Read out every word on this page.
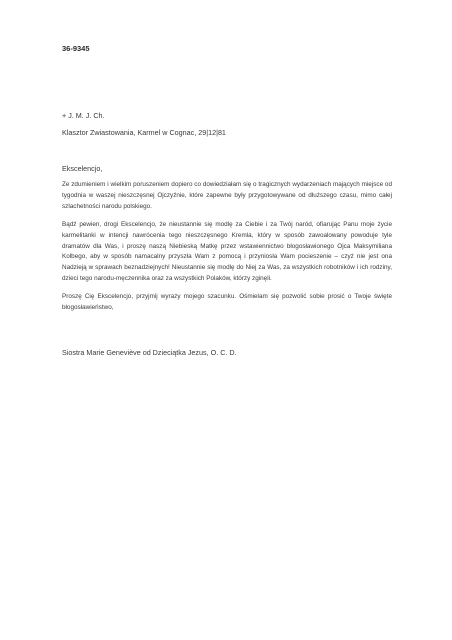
36-9345
+ J. M. J. Ch.
Klasztor Zwiastowania, Karmel w Cognac, 29|12|81
Ekscelencjo,

Ze zdumieniem i wielkim poruszeniem dopiero co dowiedziałam się o tragicznych wydarzeniach mających miejsce od tygodnia w waszej nieszczęsnej Ojczyźnie, które zapewne były przygotowywane od dłuższego czasu, mimo całej szlachetności narodu polskiego.

Bądź pewien, drogi Ekscelencjo, że nieustannie się modlę za Ciebie i za Twój naród, ofiarując Panu moje życie karmelitanki w intencji nawrócenia tego nieszczęsnego Kremla, który w sposób zawoalowany powoduje tyle dramatów dla Was, i proszę naszą Niebieską Matkę przez wstawiennictwo błogosławionego Ojca Maksymiliana Kolbego, aby w sposób namacalny przyszła Wam z pomocą i przyniosła Wam pocieszenie – czyż nie jest ona Nadzieją w sprawach beznadziejnych! Nieustannie się modlę do Niej za Was, za wszystkich robotników i ich rodziny, dzieci tego narodu-męczennika oraz za wszystkich Polaków, którzy zginęli.

Proszę Cię Ekscelencjo, przyjmij wyrazy mojego szacunku. Ośmielam się pozwolić sobie prosić o Twoje święte błogosławieństwo,

Siostra Marie Geneviève od Dzieciątka Jezus, O. C. D.
